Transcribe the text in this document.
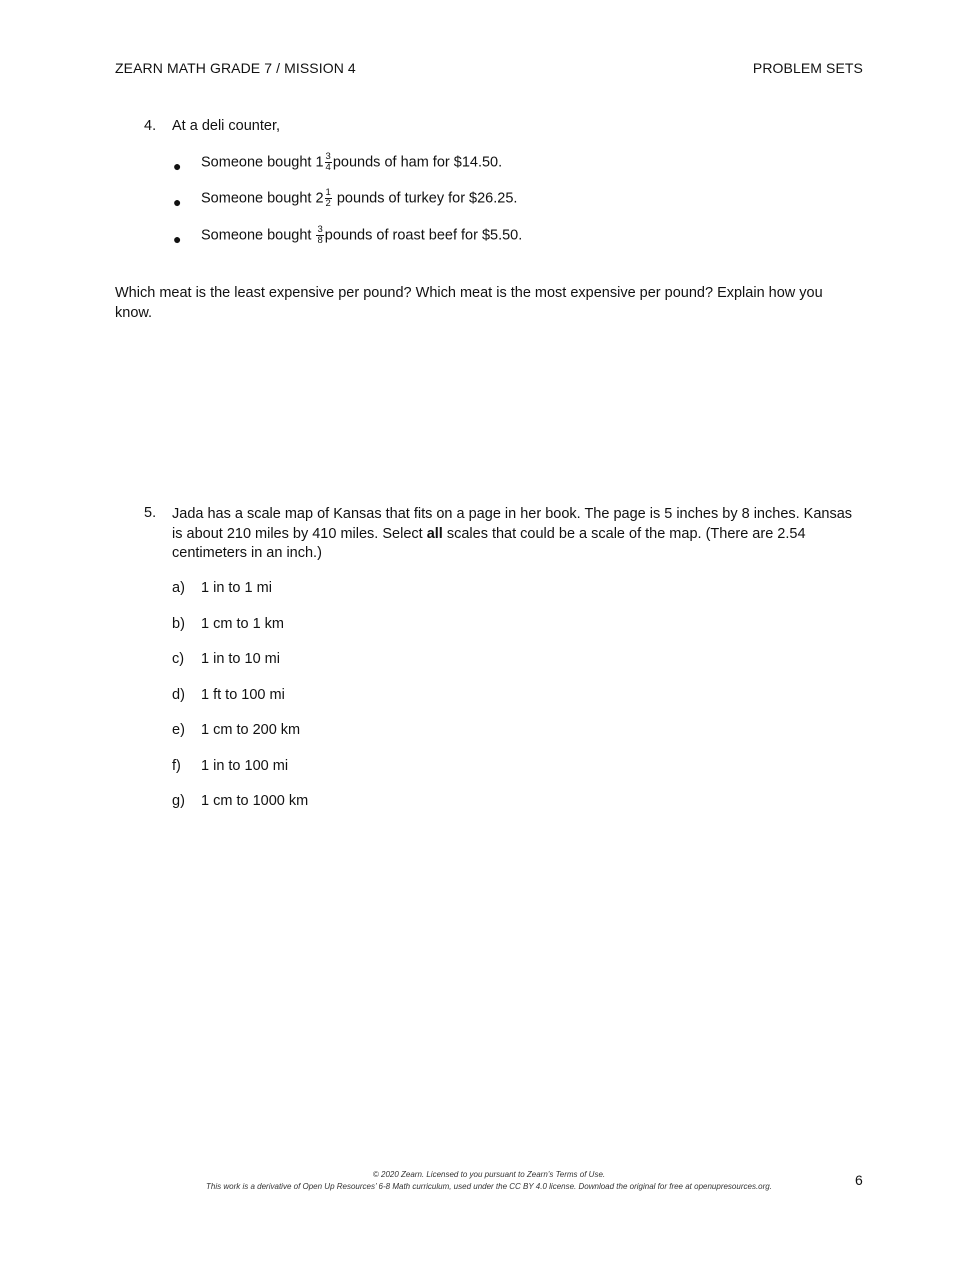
ZEARN MATH GRADE 7 / MISSION 4	PROBLEM SETS
4.	At a deli counter,
● Someone bought $1 \frac{3}{4}$ pounds of ham for $14.50.
● Someone bought $2 \frac{1}{2}$ pounds of turkey for $26.25.
● Someone bought $\frac{3}{8}$ pounds of roast beef for $5.50.
Which meat is the least expensive per pound? Which meat is the most expensive per pound? Explain how you know.
5.	Jada has a scale map of Kansas that fits on a page in her book. The page is 5 inches by 8 inches. Kansas is about 210 miles by 410 miles. Select all scales that could be a scale of the map. (There are 2.54 centimeters in an inch.)
a) 1 in to 1 mi
b) 1 cm to 1 km
c) 1 in to 10 mi
d) 1 ft to 100 mi
e) 1 cm to 200 km
f) 1 in to 100 mi
g) 1 cm to 1000 km
© 2020 Zearn. Licensed to you pursuant to Zearn’s Terms of Use.
This work is a derivative of Open Up Resources’ 6-8 Math curriculum, used under the CC BY 4.0 license. Download the original for free at openupresources.org.	6
